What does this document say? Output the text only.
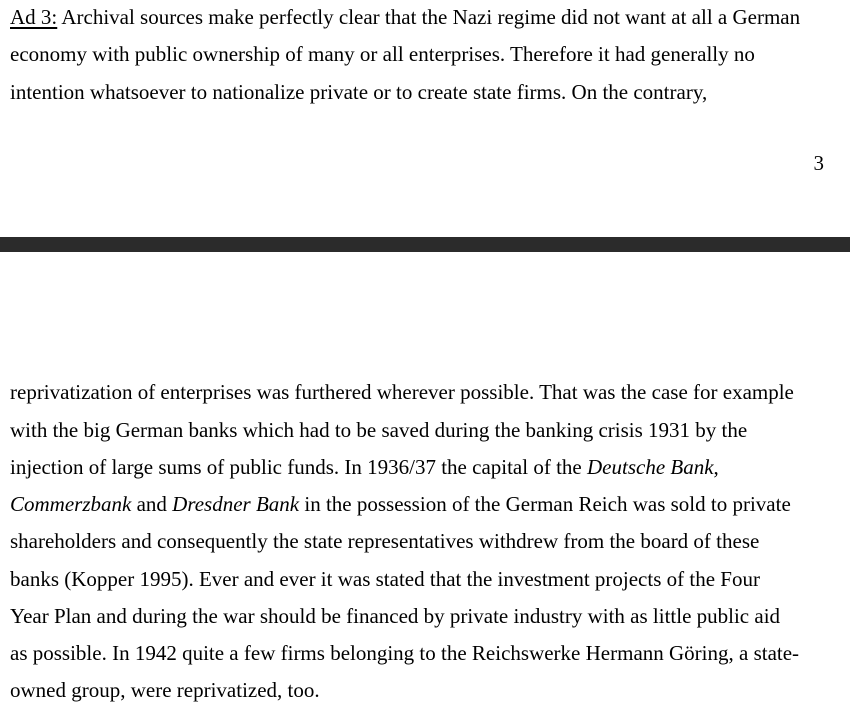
Ad 3: Archival sources make perfectly clear that the Nazi regime did not want at all a German
economy with public ownership of many or all enterprises. Therefore it had generally no
intention whatsoever to nationalize private or to create state firms. On the contrary,
3
reprivatization of enterprises was furthered wherever possible. That was the case for example
with the big German banks which had to be saved during the banking crisis 1931 by the
injection of large sums of public funds. In 1936/37 the capital of the Deutsche Bank,
Commerzbank and Dresdner Bank in the possession of the German Reich was sold to private
shareholders and consequently the state representatives withdrew from the board of these
banks (Kopper 1995). Ever and ever it was stated that the investment projects of the Four
Year Plan and during the war should be financed by private industry with as little public aid
as possible. In 1942 quite a few firms belonging to the Reichswerke Hermann Göring, a state-
owned group, were reprivatized, too.
